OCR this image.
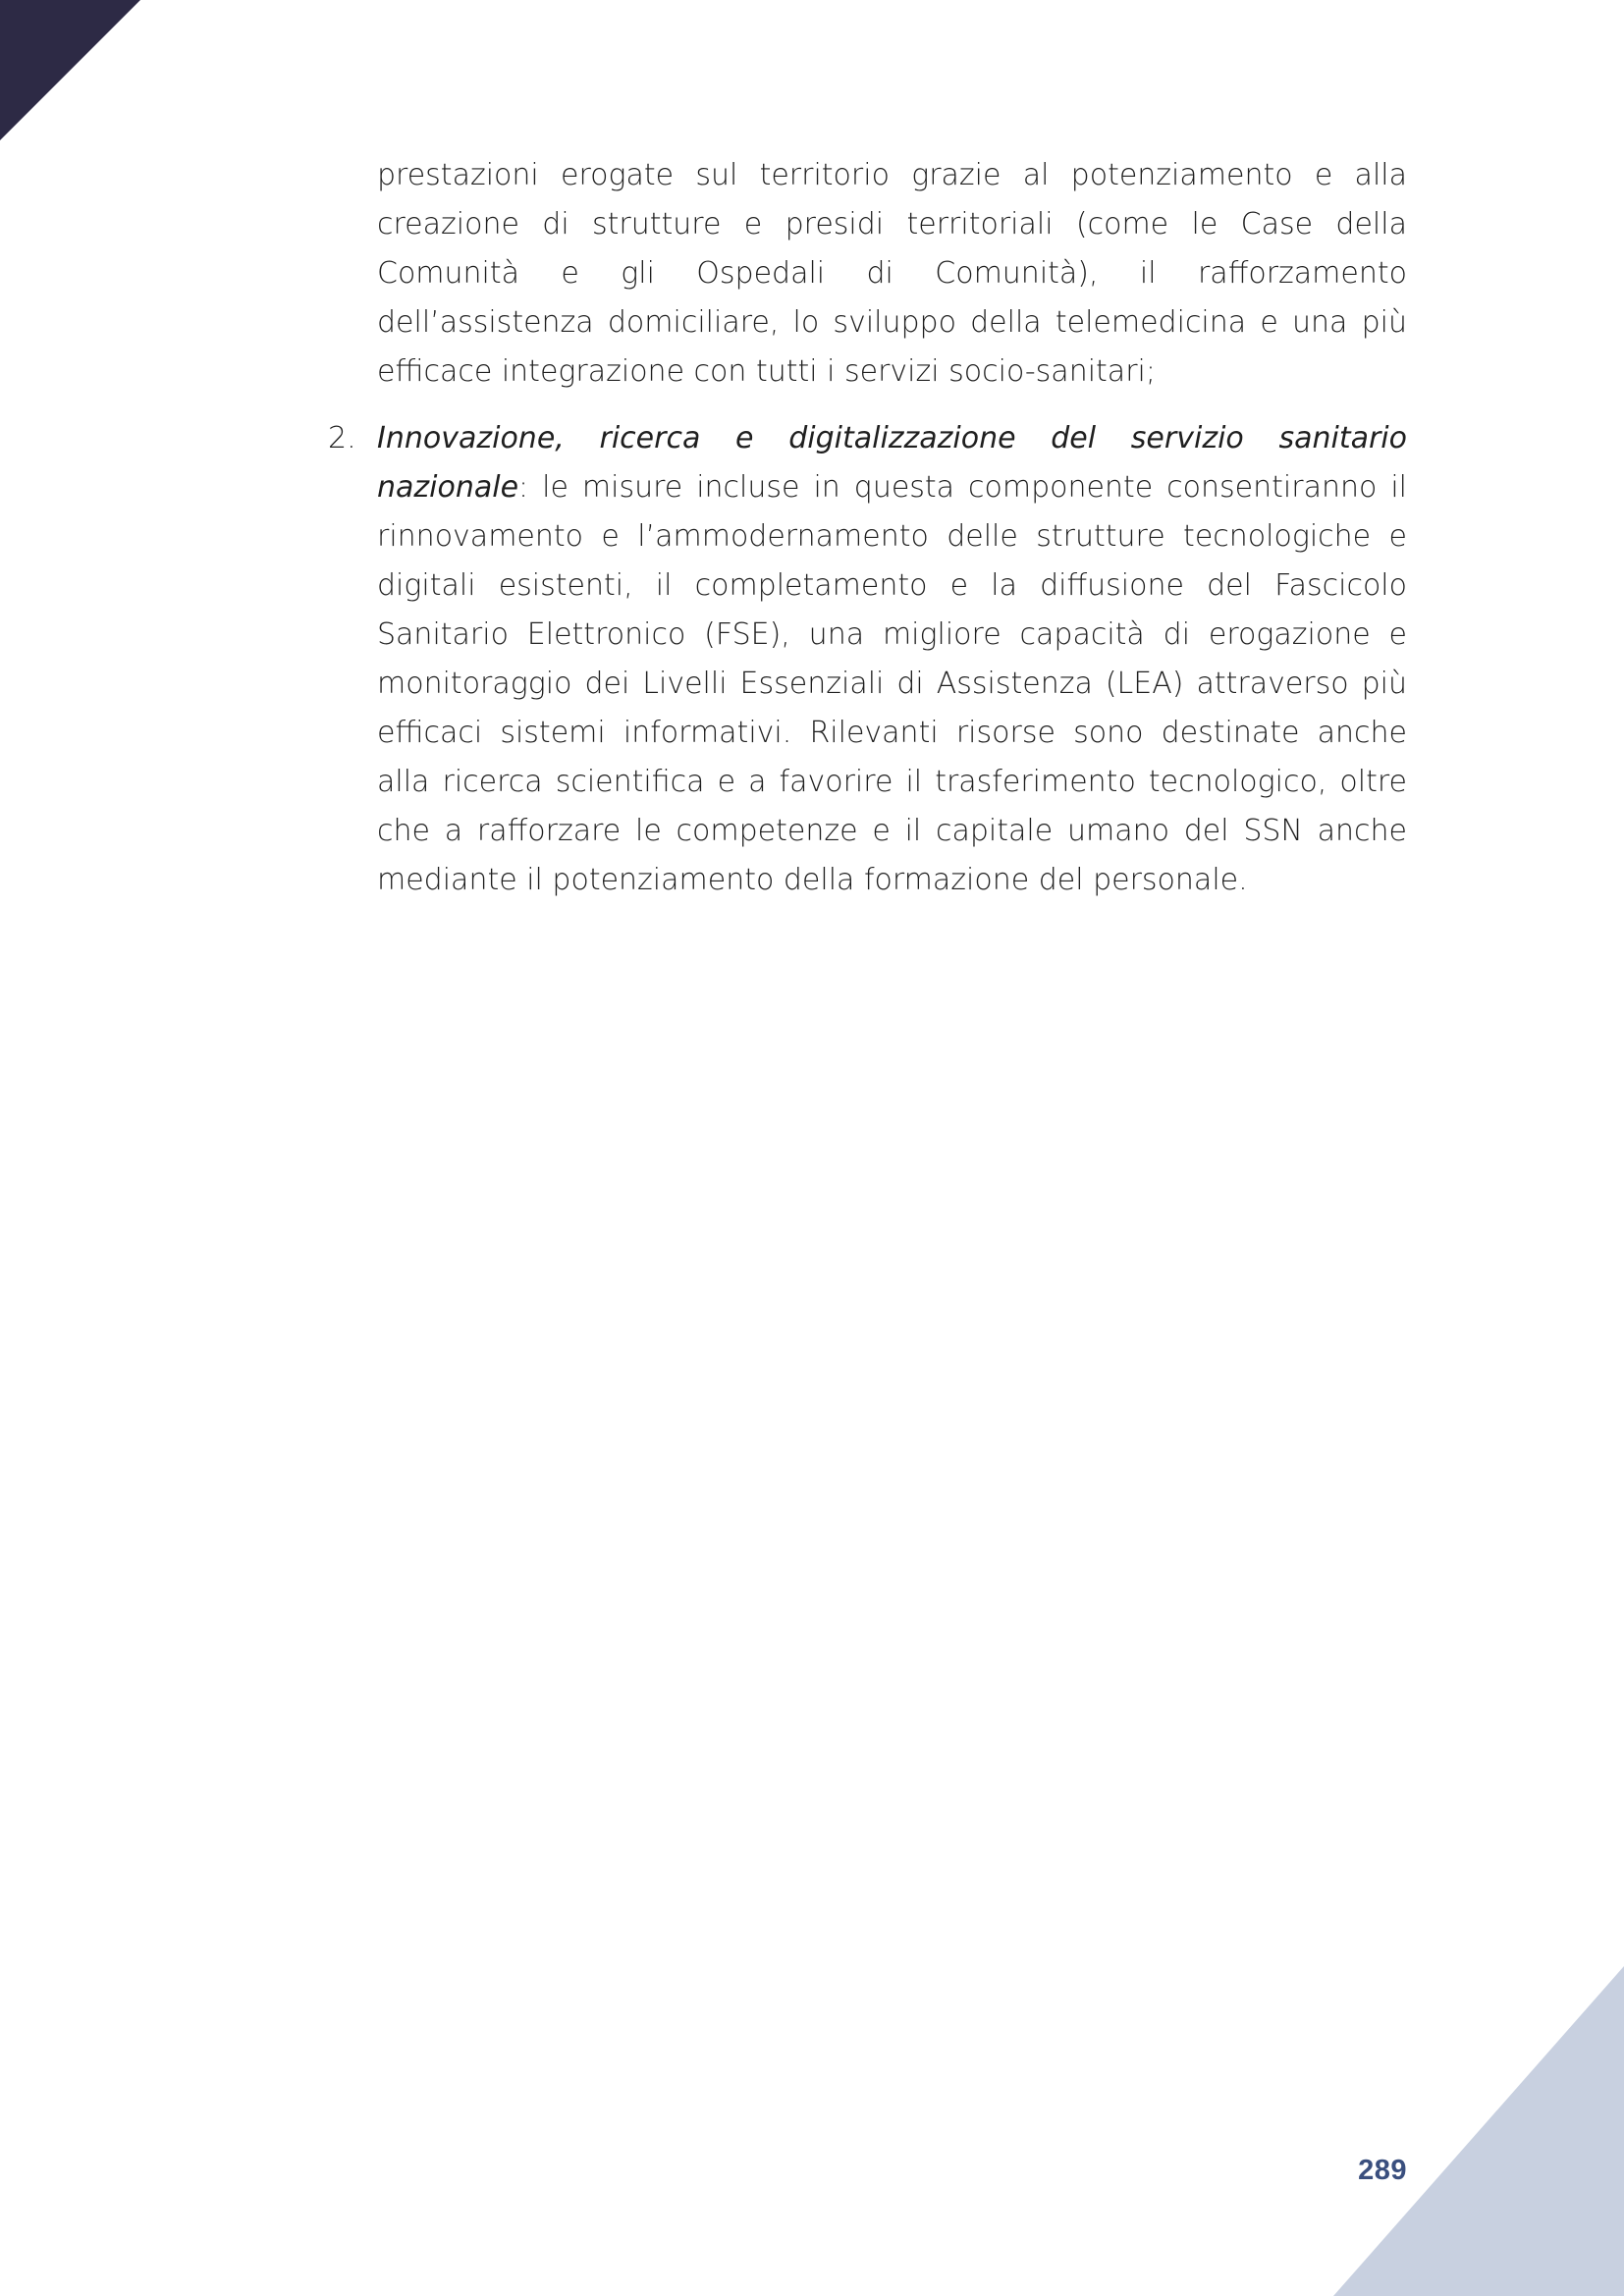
prestazioni erogate sul territorio grazie al potenziamento e alla creazione di strutture e presidi territoriali (come le Case della Comunità e gli Ospedali di Comunità), il rafforzamento dell’assistenza domiciliare, lo sviluppo della telemedicina e una più efficace integrazione con tutti i servizi socio-sanitari;

2. Innovazione, ricerca e digitalizzazione del servizio sanitario nazionale: le misure incluse in questa componente consentiranno il rinnovamento e l’ammodernamento delle strutture tecnologiche e digitali esistenti, il completamento e la diffusione del Fascicolo Sanitario Elettronico (FSE), una migliore capacità di erogazione e monitoraggio dei Livelli Essenziali di Assistenza (LEA) attraverso più efficaci sistemi informativi. Rilevanti risorse sono destinate anche alla ricerca scientifica e a favorire il trasferimento tecnologico, oltre che a rafforzare le competenze e il capitale umano del SSN anche mediante il potenziamento della formazione del personale.

289
